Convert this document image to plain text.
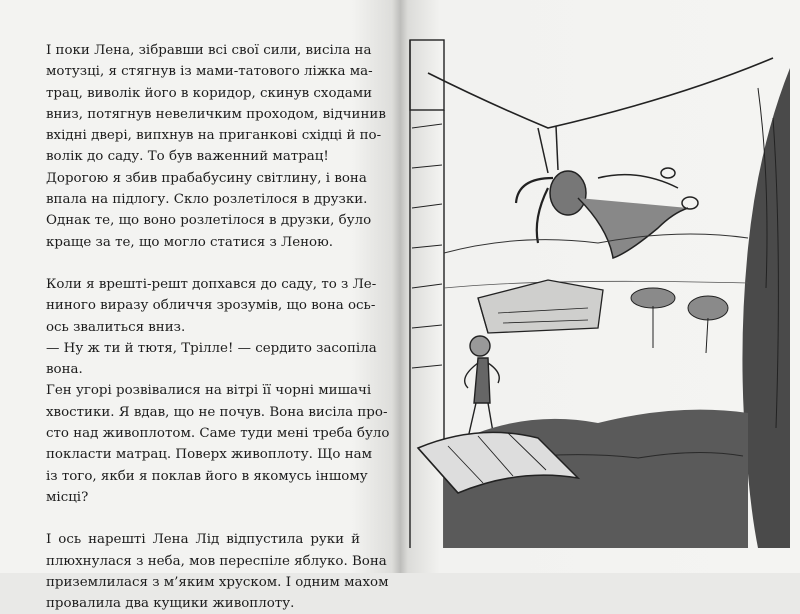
І поки Лена, зібравши всі свої сили, висіла на
мотузці, я стягнув із мами-татового ліжка ма-
трац, виволік його в коридор, скинув сходами
вниз, потягнув невеличким проходом, відчинив
вхідні двері, випхнув на приганкові східці й по-
волік до саду. То був важенний матрац!

Дорогою я збив прабабусину світлину, і вона
впала на підлогу. Скло розлетілося в друзки.
Однак те, що воно розлетілося в друзки, було
краще за те, що могло статися з Леною.

Коли я врешті-решт допхався до саду, то з Ле-
ниного виразу обличчя зрозумів, що вона ось-
ось звалиться вниз.

— Ну ж ти й тютя, Трілле! — сердито засопіла
вона.

Ген угорі розвівалися на вітрі її чорні мишачі
хвостики. Я вдав, що не почув. Вона висіла про-
сто над живоплотом. Саме туди мені треба було
покласти матрац. Поверх живоплоту. Що нам
із того, якби я поклав його в якомусь іншому
місці?

І ось нарешті Лена Лід відпустила руки й
плюхнулася з неба, мов переспіле яблуко. Вона
приземлилася з м’яким хруском. І одним махом
провалила два кущики живоплоту.
